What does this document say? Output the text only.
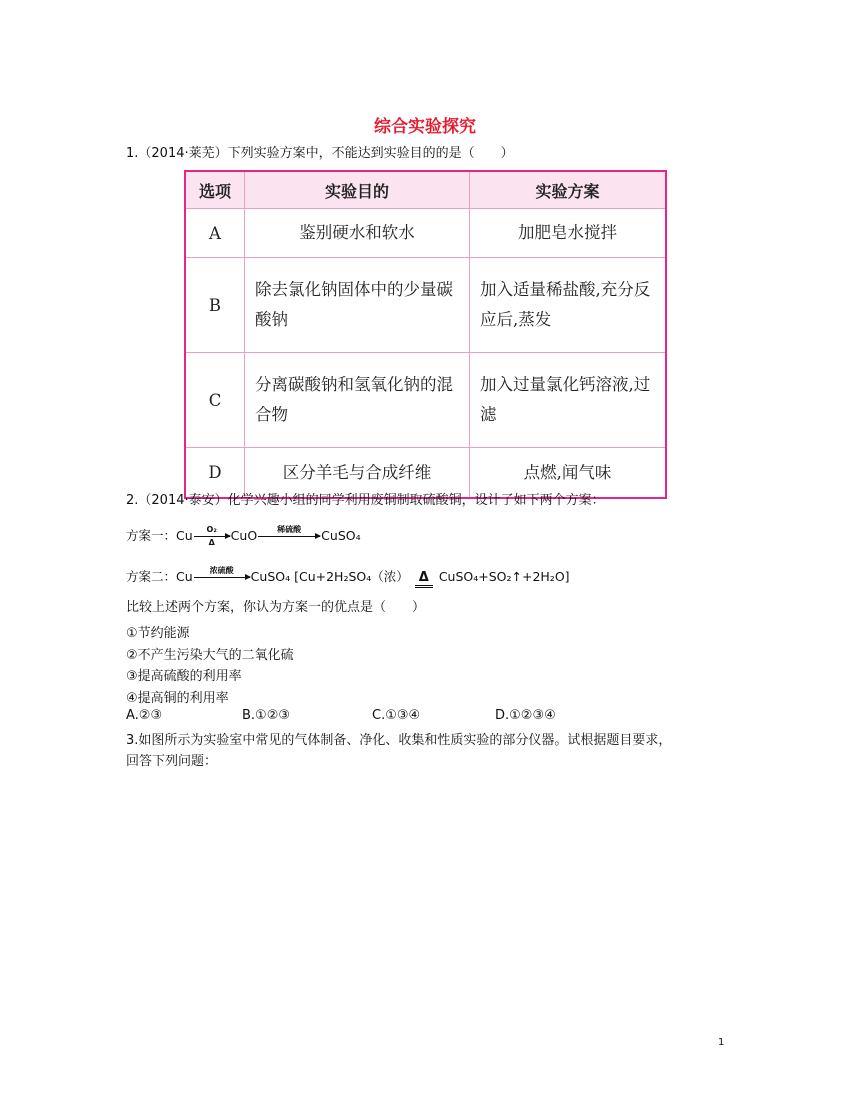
综合实验探究
1.（2014·莱芜）下列实验方案中，不能达到实验目的的是（　　）
选项	实验目的	实验方案
A	鉴别硬水和软水	加肥皂水搅拌
B	除去氯化钠固体中的少量碳酸钠	加入适量稀盐酸,充分反应后,蒸发
C	分离碳酸钠和氢氧化钠的混合物	加入过量氯化钙溶液,过滤
D	区分羊毛与合成纤维	点燃,闻气味
2.（2014·泰安）化学兴趣小组的同学利用废铜制取硫酸铜，设计了如下两个方案：
方案一：Cu	O₂
Δ	CuO	稀硫酸	CuSO₄
方案二：Cu	浓硫酸	CuSO₄ [Cu+2H₂SO₄（浓） Δ CuSO₄+SO₂↑+2H₂O]
比较上述两个方案，你认为方案一的优点是（　　）
①节约能源
②不产生污染大气的二氧化硫
③提高硫酸的利用率
④提高铜的利用率
A.②③	B.①②③	C.①③④	D.①②③④
3.如图所示为实验室中常见的气体制备、净化、收集和性质实验的部分仪器。试根据题目要求，
回答下列问题：
1
